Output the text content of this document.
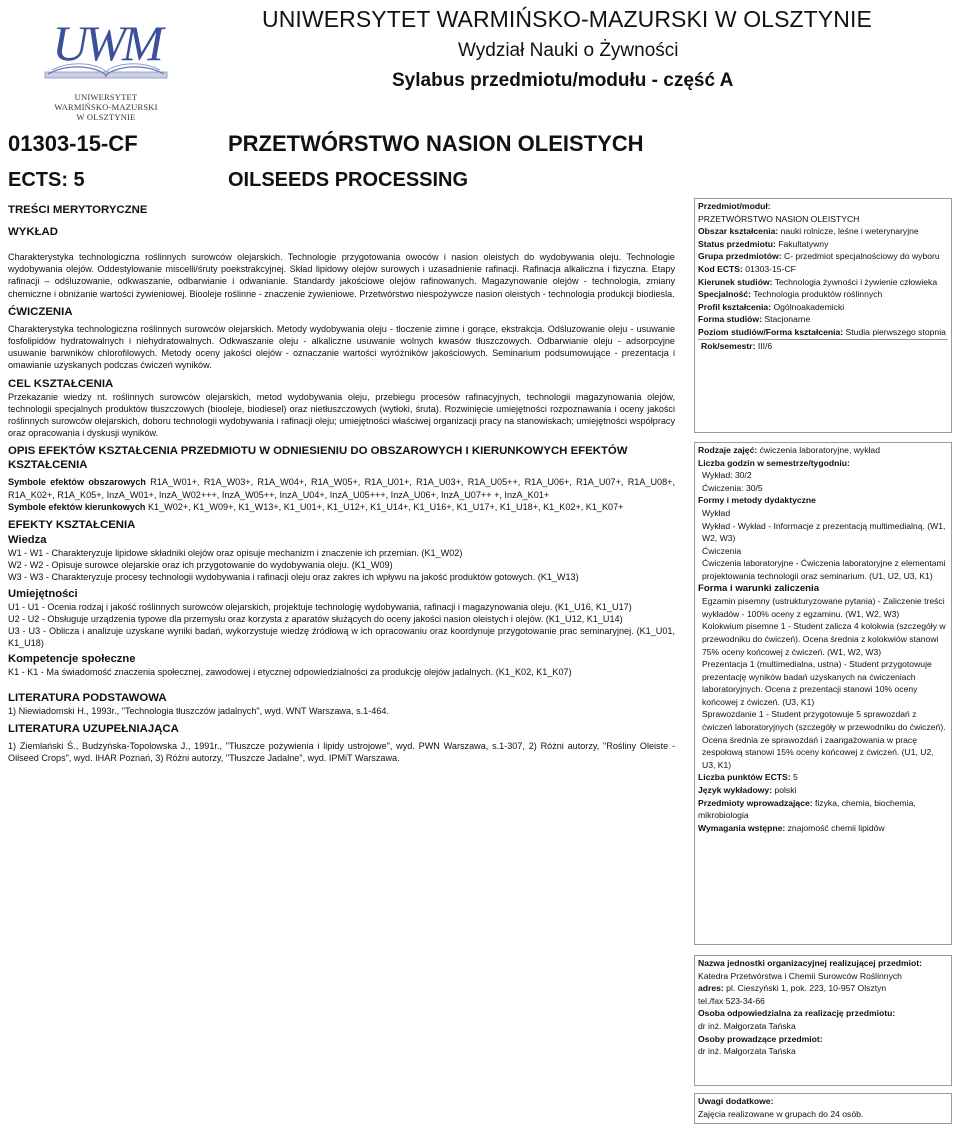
UWM
UNIWERSYTET
WARMIŃSKO-MAZURSKI
W OLSZTYNIE
UNIWERSYTET WARMIŃSKO-MAZURSKI W OLSZTYNIE
Wydział Nauki o Żywności
Sylabus przedmiotu/modułu - część A
01303-15-CF
ECTS: 5
PRZETWÓRSTWO NASION OLEISTYCH
OILSEEDS PROCESSING
TREŚCI MERYTORYCZNE
WYKŁAD

Charakterystyka technologiczna roślinnych surowców olejarskich. Technologie przygotowania owoców i nasion oleistych do wydobywania oleju. Technologie wydobywania olejów. Oddestylowanie miscelli/śruty poekstrakcyjnej. Skład lipidowy olejów surowych i uzasadnienie rafinacji. Rafinacja alkaliczna i fizyczna. Etapy rafinacji – odśluzowanie, odkwaszanie, odbarwianie i odwanianie. Standardy jakościowe olejów rafinowanych. Magazynowanie olejów - technologia, zmiany chemiczne i obniżanie wartości żywieniowej. Biooleje roślinne - znaczenie żywieniowe. Przetwórstwo niespożywcze nasion oleistych - technologia produkcji biodiesla.

ĆWICZENIA

Charakterystyka technologiczna roślinnych surowców olejarskich. Metody wydobywania oleju - tłoczenie zimne i gorące, ekstrakcja. Odśluzowanie oleju - usuwanie fosfolipidów hydratowalnych i niehydratowalnych. Odkwaszanie oleju - alkaliczne usuwanie wolnych kwasów tłuszczowych. Odbarwianie oleju - adsorpcyjne usuwanie barwników chlorofilowych. Metody oceny jakości olejów - oznaczanie wartości wyróżników jakościowych. Seminarium podsumowujące - prezentacja i omawianie uzyskanych podczas ćwiczeń wyników.

CEL KSZTAŁCENIA

Przekazanie wiedzy nt. roślinnych surowców olejarskich, metod wydobywania oleju, przebiegu procesów rafinacyjnych, technologii magazynowania olejów, technologii specjalnych produktów tłuszczowych (biooleje, biodiesel) oraz nietłuszczowych (wytłoki, śruta). Rozwinięcie umiejętności rozpoznawania i oceny jakości roślinnych surowców olejarskich, doboru technologii wydobywania i rafinacji oleju; umiejętności właściwej organizacji pracy na stanowiskach; umiejętności współpracy oraz opracowania i dyskusji wyników.

OPIS EFEKTÓW KSZTAŁCENIA PRZEDMIOTU W ODNIESIENIU DO OBSZAROWYCH I KIERUNKOWYCH EFEKTÓW KSZTAŁCENIA

Symbole efektów obszarowych R1A_W01+, R1A_W03+, R1A_W04+, R1A_W05+, R1A_U01+, R1A_U03+, R1A_U05++, R1A_U06+, R1A_U07+, R1A_U08+, R1A_K02+, R1A_K05+, InzA_W01+, InzA_W02+++, InzA_W05++, InzA_U04+, InzA_U05+++, InzA_U06+, InzA_U07++ +, InzA_K01+

Symbole efektów kierunkowych K1_W02+, K1_W09+, K1_W13+, K1_U01+, K1_U12+, K1_U14+, K1_U16+, K1_U17+, K1_U18+, K1_K02+, K1_K07+

EFEKTY KSZTAŁCENIA
Wiedza

W1 - W1 - Charakteryzuje lipidowe składniki olejów oraz opisuje mechanizm i znaczenie ich przemian. (K1_W02)

W2 - W2 - Opisuje surowce olejarskie oraz ich przygotowanie do wydobywania oleju. (K1_W09)

W3 - W3 - Charakteryzuje procesy technologii wydobywania i rafinacji oleju oraz zakres ich wpływu na jakość produktów gotowych. (K1_W13)

Umiejętności

U1 - U1 - Ocenia rodzaj i jakość roślinnych surowców olejarskich, projektuje technologię wydobywania, rafinacji i magazynowania oleju. (K1_U16, K1_U17)

U2 - U2 - Obsługuje urządzenia typowe dla przemysłu oraz korzysta z aparatów służących do oceny jakości nasion oleistych i olejów. (K1_U12, K1_U14)

U3 - U3 - Oblicza i analizuje uzyskane wyniki badań, wykorzystuje wiedzę źródłową w ich opracowaniu oraz koordynuje przygotowanie prac seminaryjnej. (K1_U01, K1_U18)

Kompetencje społeczne

K1 - K1 - Ma świadomość znaczenia społecznej, zawodowej i etycznej odpowiedzialności za produkcję olejów jadalnych. (K1_K02, K1_K07)

LITERATURA PODSTAWOWA

1) Niewiadomski H., 1993r., "Technologia tłuszczów jadalnych", wyd. WNT Warszawa, s.1-464.

LITERATURA UZUPEŁNIAJĄCA

1) Ziemlański Ś., Budzyńska-Topolowska J., 1991r., "Tłuszcze pożywienia i lipidy ustrojowe", wyd. PWN Warszawa, s.1-307, 2) Różni autorzy, "Rośliny Oleiste - Oilseed Crops", wyd. IHAR Poznań, 3) Różni autorzy, "Tłuszcze Jadalne", wyd. IPMiT Warszawa.

Przedmiot/moduł:

PRZETWÓRSTWO NASION OLEISTYCH

Obszar kształcenia: nauki rolnicze, leśne i weterynaryjne

Status przedmiotu: Fakultatywny

Grupa przedmiotów: C- przedmiot specjalnościowy do wyboru

Kod ECTS: 01303-15-CF

Kierunek studiów: Technologia żywności i żywienie człowieka

Specjalność: Technologia produktów roślinnych

Profil kształcenia: Ogólnoakademicki

Forma studiów: Stacjonarne

Poziom studiów/Forma kształcenia: Studia pierwszego stopnia

Rok/semestr: III/6

Rodzaje zajęć: ćwiczenia laboratoryjne, wykład

Liczba godzin w semestrze/tygodniu:

Wykład: 30/2

Ćwiczenia: 30/5

Formy i metody dydaktyczne

Wykład

Wykład - Wykład - Informacje z prezentacją multimedialną. (W1, W2, W3)

Ćwiczenia

Ćwiczenia laboratoryjne - Ćwiczenia laboratoryjne z elementami projektowania technologii oraz seminarium. (U1, U2, U3, K1)

Forma i warunki zaliczenia

Egzamin pisemny (ustrukturyzowane pytania) - Zaliczenie treści wykładów - 100% oceny z egzaminu. (W1, W2, W3)

Kolokwium pisemne 1 - Student zalicza 4 kolokwia (szczegóły w przewodniku do ćwiczeń). Ocena średnia z kolokwiów stanowi 75% oceny końcowej z ćwiczeń. (W1, W2, W3)

Prezentacja 1 (multimedialna, ustna) - Student przygotowuje prezentację wyników badań uzyskanych na ćwiczeniach laboratoryjnych. Ocena z prezentacji stanowi 10% oceny końcowej z ćwiczeń. (U3, K1)

Sprawozdanie 1 - Student przygotowuje 5 sprawozdań z ćwiczeń laboratoryjnych (szczegóły w przewodniku do ćwiczeń). Ocena średnia ze sprawozdań i zaangażowania w pracę zespołową stanowi 15% oceny końcowej z ćwiczeń. (U1, U2, U3, K1)

Liczba punktów ECTS: 5

Język wykładowy: polski

Przedmioty wprowadzające: fizyka, chemia, biochemia, mikrobiologia

Wymagania wstępne: znajomość chemii lipidów

Nazwa jednostki organizacyjnej realizującej przedmiot:

Katedra Przetwórstwa i Chemii Surowców Roślinnych

adres: pl. Cieszyński 1, pok. 223, 10-957 Olsztyn

tel./fax 523-34-66

Osoba odpowiedzialna za realizację przedmiotu:

dr inż. Małgorzata Tańska

Osoby prowadzące przedmiot:

dr inż. Małgorzata Tańska

Uwagi dodatkowe:

Zajęcia realizowane w grupach do 24 osób.
